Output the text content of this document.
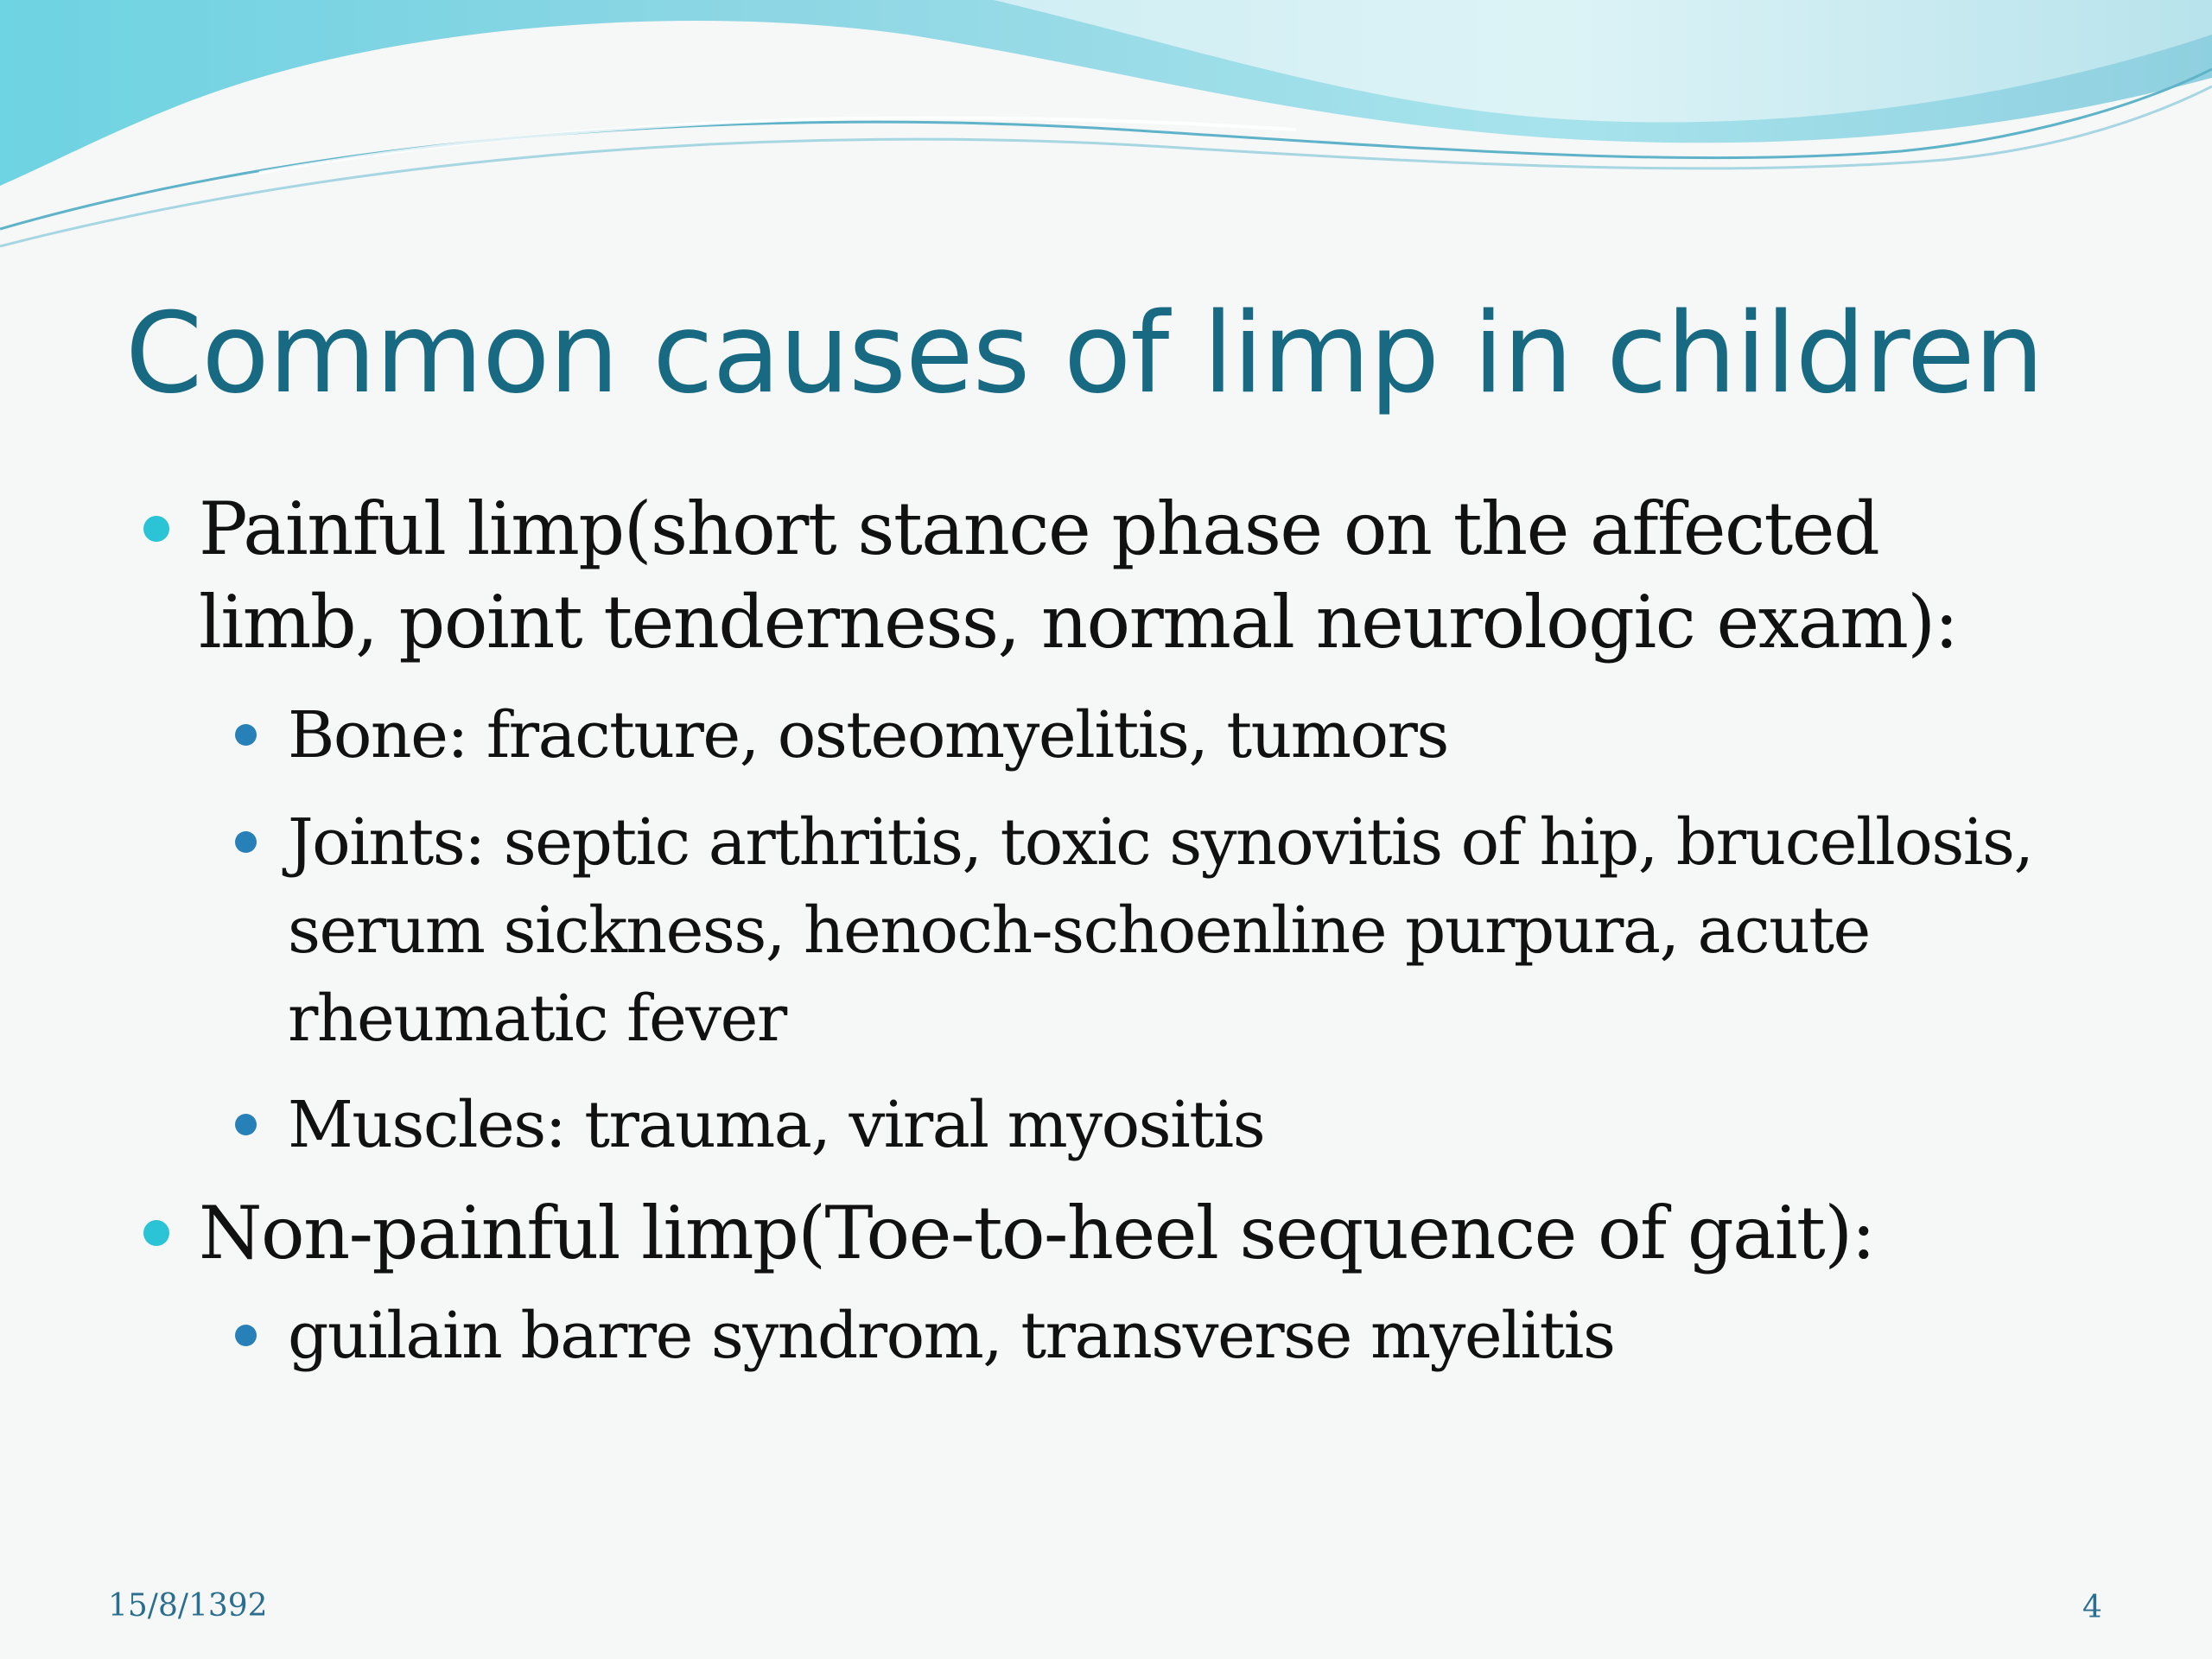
Common causes of limp in children

Painful limp(short stance phase on the affected limb, point tenderness, normal neurologic exam):

Bone: fracture, osteomyelitis, tumors

Joints: septic arthritis, toxic synovitis of hip, brucellosis, serum sickness, henoch-schoenline purpura, acute rheumatic fever

Muscles: trauma, viral myositis

Non-painful limp(Toe-to-heel sequence of gait):

guilain barre syndrom, transverse myelitis

15/8/1392	4
